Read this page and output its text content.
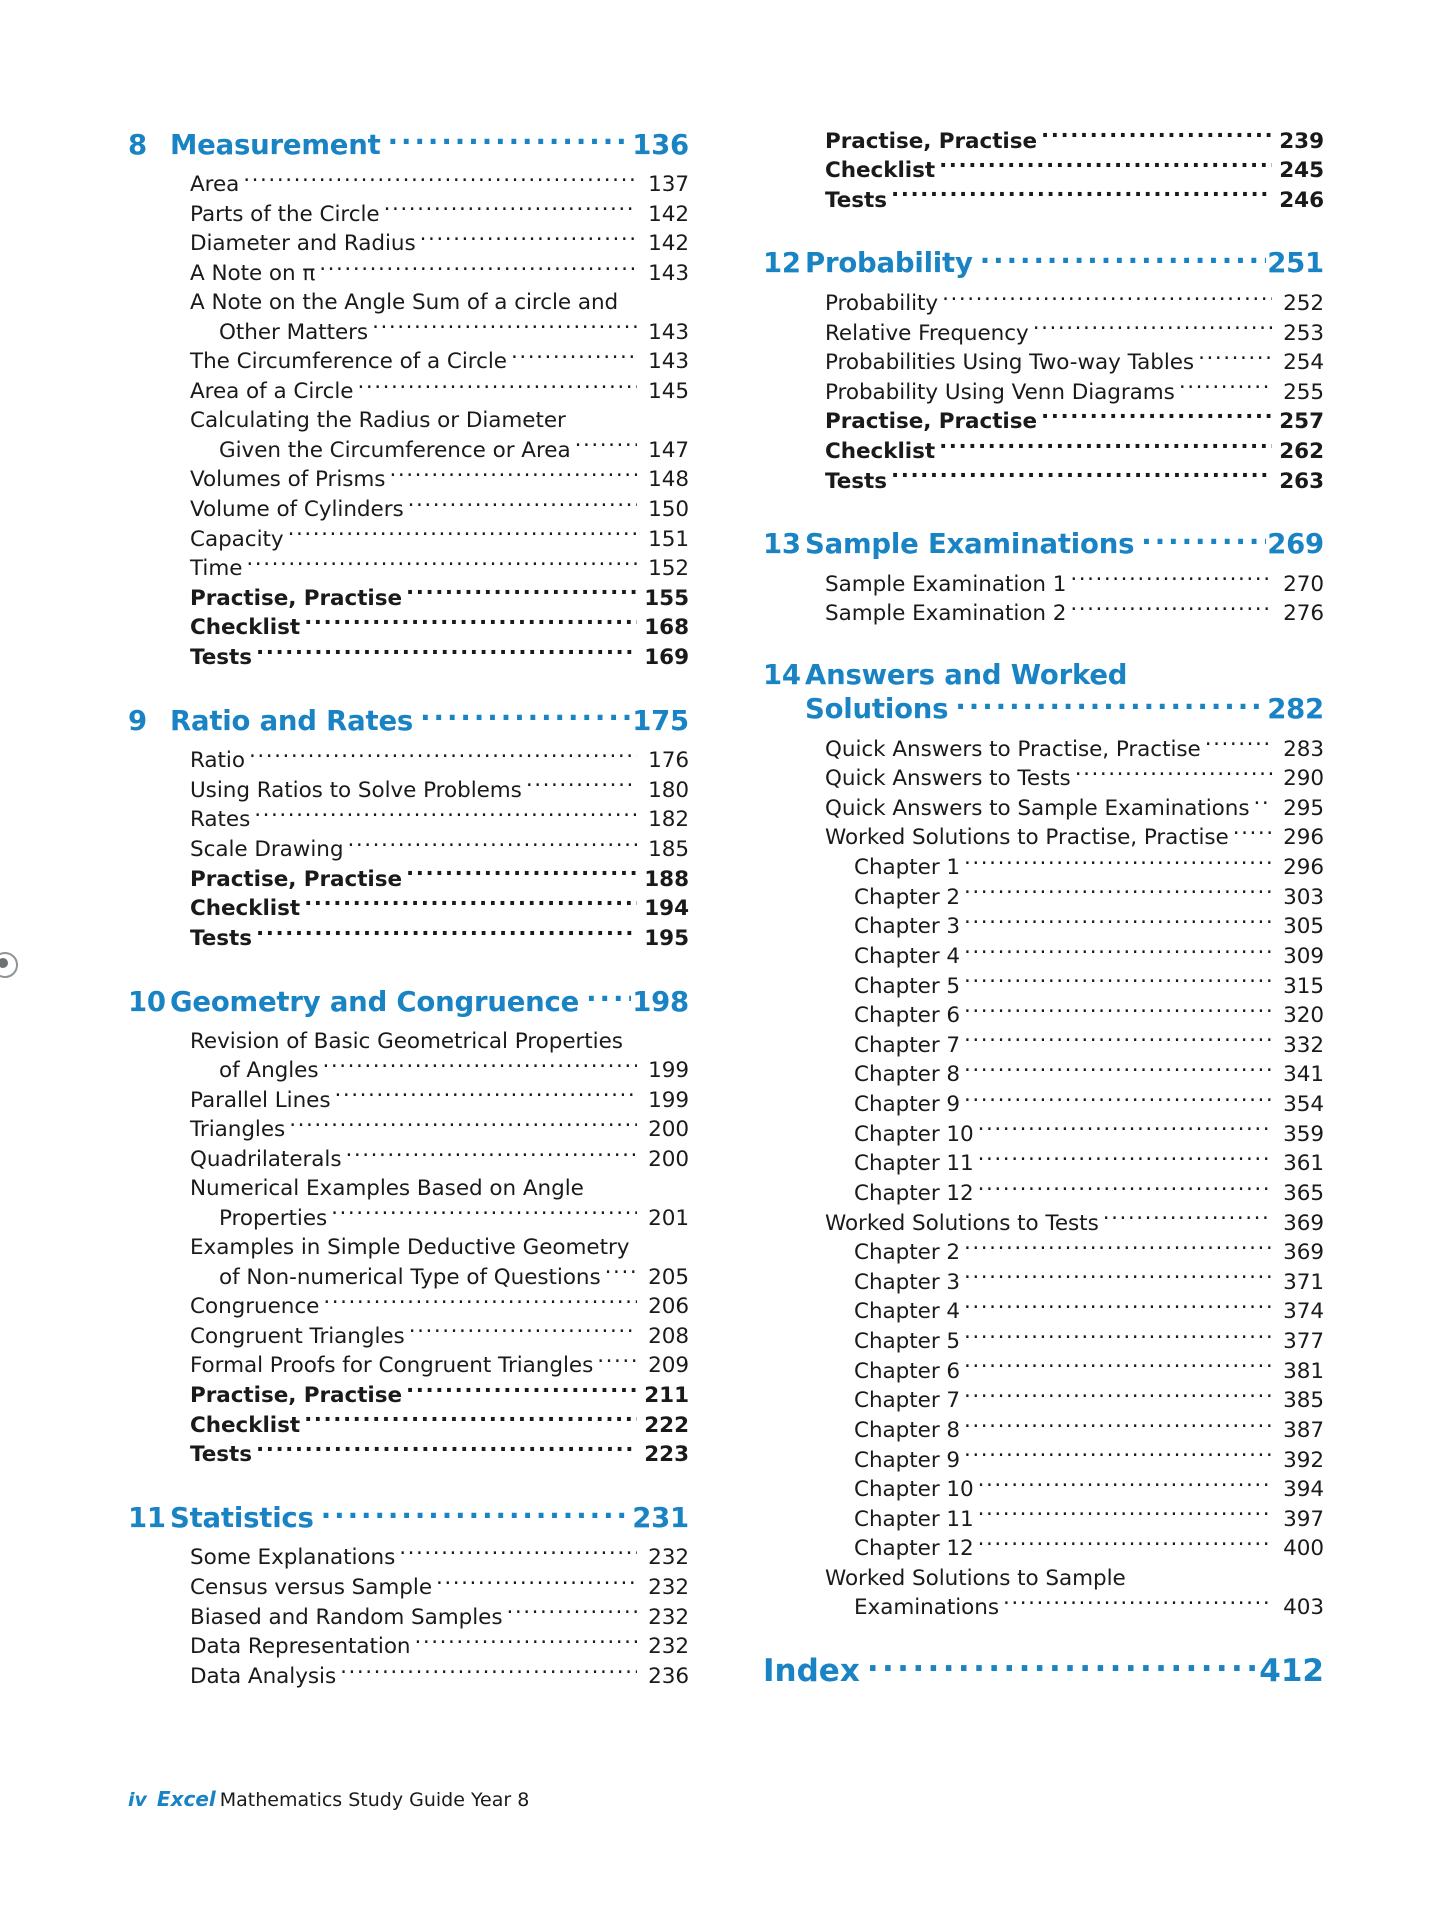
8 Measurement .....	136
Area .....	137
Parts of the Circle .....	142
Diameter and Radius .....	142
A Note on π .....	143
A Note on the Angle Sum of a circle and
Other Matters .....	143
The Circumference of a Circle .....	143
Area of a Circle .....	145
Calculating the Radius or Diameter
Given the Circumference or Area .....	147
Volumes of Prisms .....	148
Volume of Cylinders .....	150
Capacity .....	151
Time .....	152
Practise, Practise .....	155
Checklist .....	168
Tests .....	169
9 Ratio and Rates .....	175
Ratio .....	176
Using Ratios to Solve Problems .....	180
Rates .....	182
Scale Drawing .....	185
Practise, Practise .....	188
Checklist .....	194
Tests .....	195
10 Geometry and Congruence ..... 198
Revision of Basic Geometrical Properties
of Angles .....	199
Parallel Lines .....	199
Triangles .....	200
Quadrilaterals .....	200
Numerical Examples Based on Angle
Properties .....	201
Examples in Simple Deductive Geometry
of Non-numerical Type of Questions .....	205
Congruence .....	206
Congruent Triangles .....	208
Formal Proofs for Congruent Triangles .....	209
Practise, Practise .....	211
Checklist .....	222
Tests .....	223
11 Statistics .....	231
Some Explanations .....	232
Census versus Sample .....	232
Biased and Random Samples .....	232
Data Representation .....	232
Data Analysis .....	236
Practise, Practise .....	239
Checklist .....	245
Tests .....	246
12 Probability .....	251
Probability .....	252
Relative Frequency .....	253
Probabilities Using Two-way Tables .....	254
Probability Using Venn Diagrams .....	255
Practise, Practise .....	257
Checklist .....	262
Tests .....	263
13 Sample Examinations .....	269
Sample Examination 1 .....	270
Sample Examination 2 .....	276
14 Answers and Worked
Solutions .....	282
Quick Answers to Practise, Practise .....	283
Quick Answers to Tests .....	290
Quick Answers to Sample Examinations .....	295
Worked Solutions to Practise, Practise .....	296
Chapter 1 .....	296
Chapter 2 .....	303
Chapter 3 .....	305
Chapter 4 .....	309
Chapter 5 .....	315
Chapter 6 .....	320
Chapter 7 .....	332
Chapter 8 .....	341
Chapter 9 .....	354
Chapter 10 .....	359
Chapter 11 .....	361
Chapter 12 .....	365
Worked Solutions to Tests .....	369
Chapter 2 .....	369
Chapter 3 .....	371
Chapter 4 .....	374
Chapter 5 .....	377
Chapter 6 .....	381
Chapter 7 .....	385
Chapter 8 .....	387
Chapter 9 .....	392
Chapter 10 .....	394
Chapter 11 .....	397
Chapter 12 .....	400
Worked Solutions to Sample
Examinations .....	403
Index .....	412
iv Excel Mathematics Study Guide Year 8
